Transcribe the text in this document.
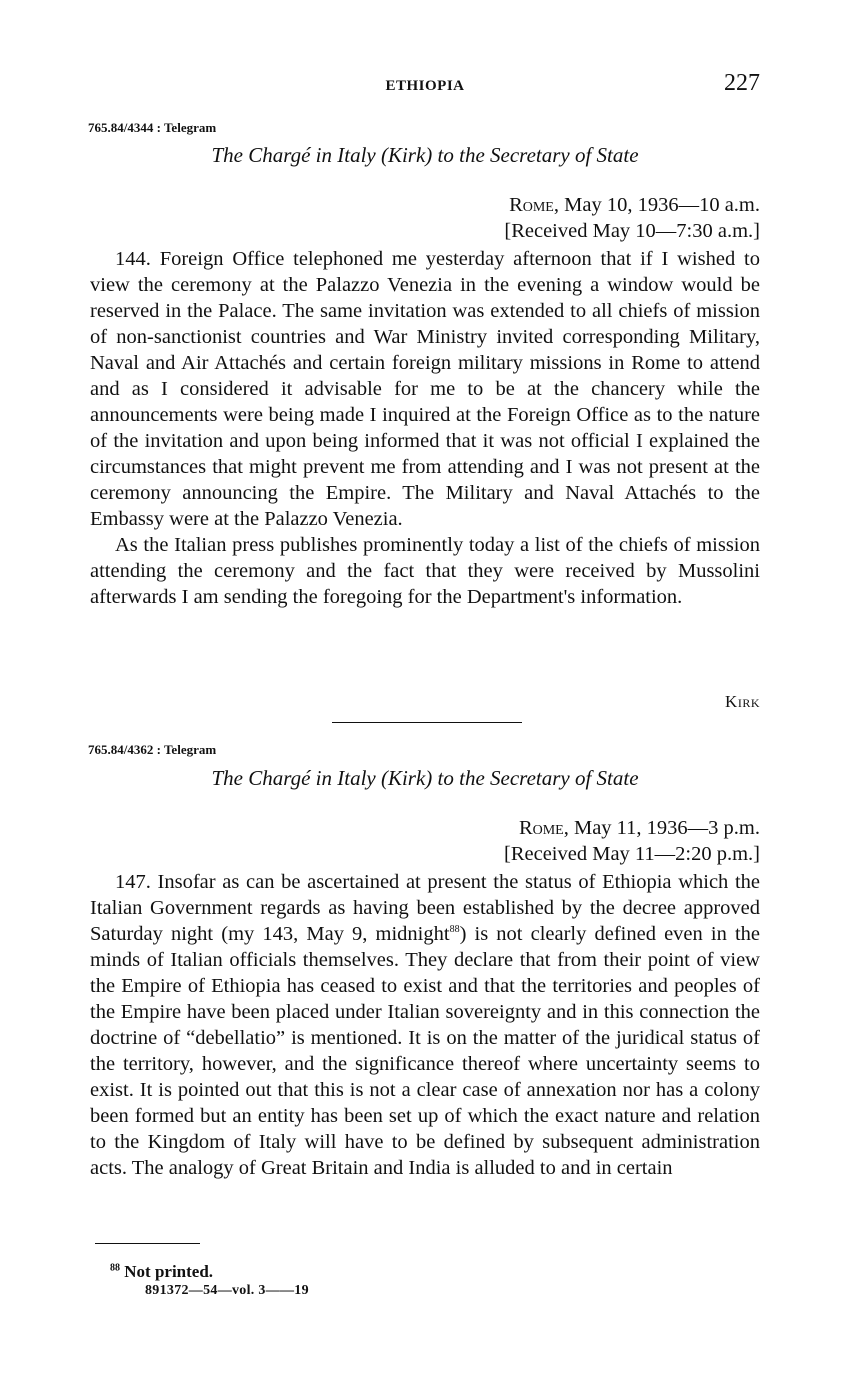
ETHIOPIA	227
765.84/4344 : Telegram
The Chargé in Italy (Kirk) to the Secretary of State
Rome, May 10, 1936—10 a.m.
[Received May 10—7:30 a.m.]

144. Foreign Office telephoned me yesterday afternoon that if I wished to view the ceremony at the Palazzo Venezia in the evening a window would be reserved in the Palace. The same invitation was extended to all chiefs of mission of non-sanctionist countries and War Ministry invited corresponding Military, Naval and Air Attachés and certain foreign military missions in Rome to attend and as I considered it advisable for me to be at the chancery while the announcements were being made I inquired at the Foreign Office as to the nature of the invitation and upon being informed that it was not official I explained the circumstances that might prevent me from attending and I was not present at the ceremony announcing the Empire. The Military and Naval Attachés to the Embassy were at the Palazzo Venezia.

As the Italian press publishes prominently today a list of the chiefs of mission attending the ceremony and the fact that they were received by Mussolini afterwards I am sending the foregoing for the Department's information.

Kirk
765.84/4362 : Telegram
The Chargé in Italy (Kirk) to the Secretary of State
Rome, May 11, 1936—3 p.m.
[Received May 11—2:20 p.m.]

147. Insofar as can be ascertained at present the status of Ethiopia which the Italian Government regards as having been established by the decree approved Saturday night (my 143, May 9, midnight$^{88}$) is not clearly defined even in the minds of Italian officials themselves. They declare that from their point of view the Empire of Ethiopia has ceased to exist and that the territories and peoples of the Empire have been placed under Italian sovereignty and in this connection the doctrine of “debellatio” is mentioned. It is on the matter of the juridical status of the territory, however, and the significance thereof where uncertainty seems to exist. It is pointed out that this is not a clear case of annexation nor has a colony been formed but an entity has been set up of which the exact nature and relation to the Kingdom of Italy will have to be defined by subsequent administration acts. The analogy of Great Britain and India is alluded to and in certain

$^{88}$ Not printed.
891372—54—vol. 3——19
